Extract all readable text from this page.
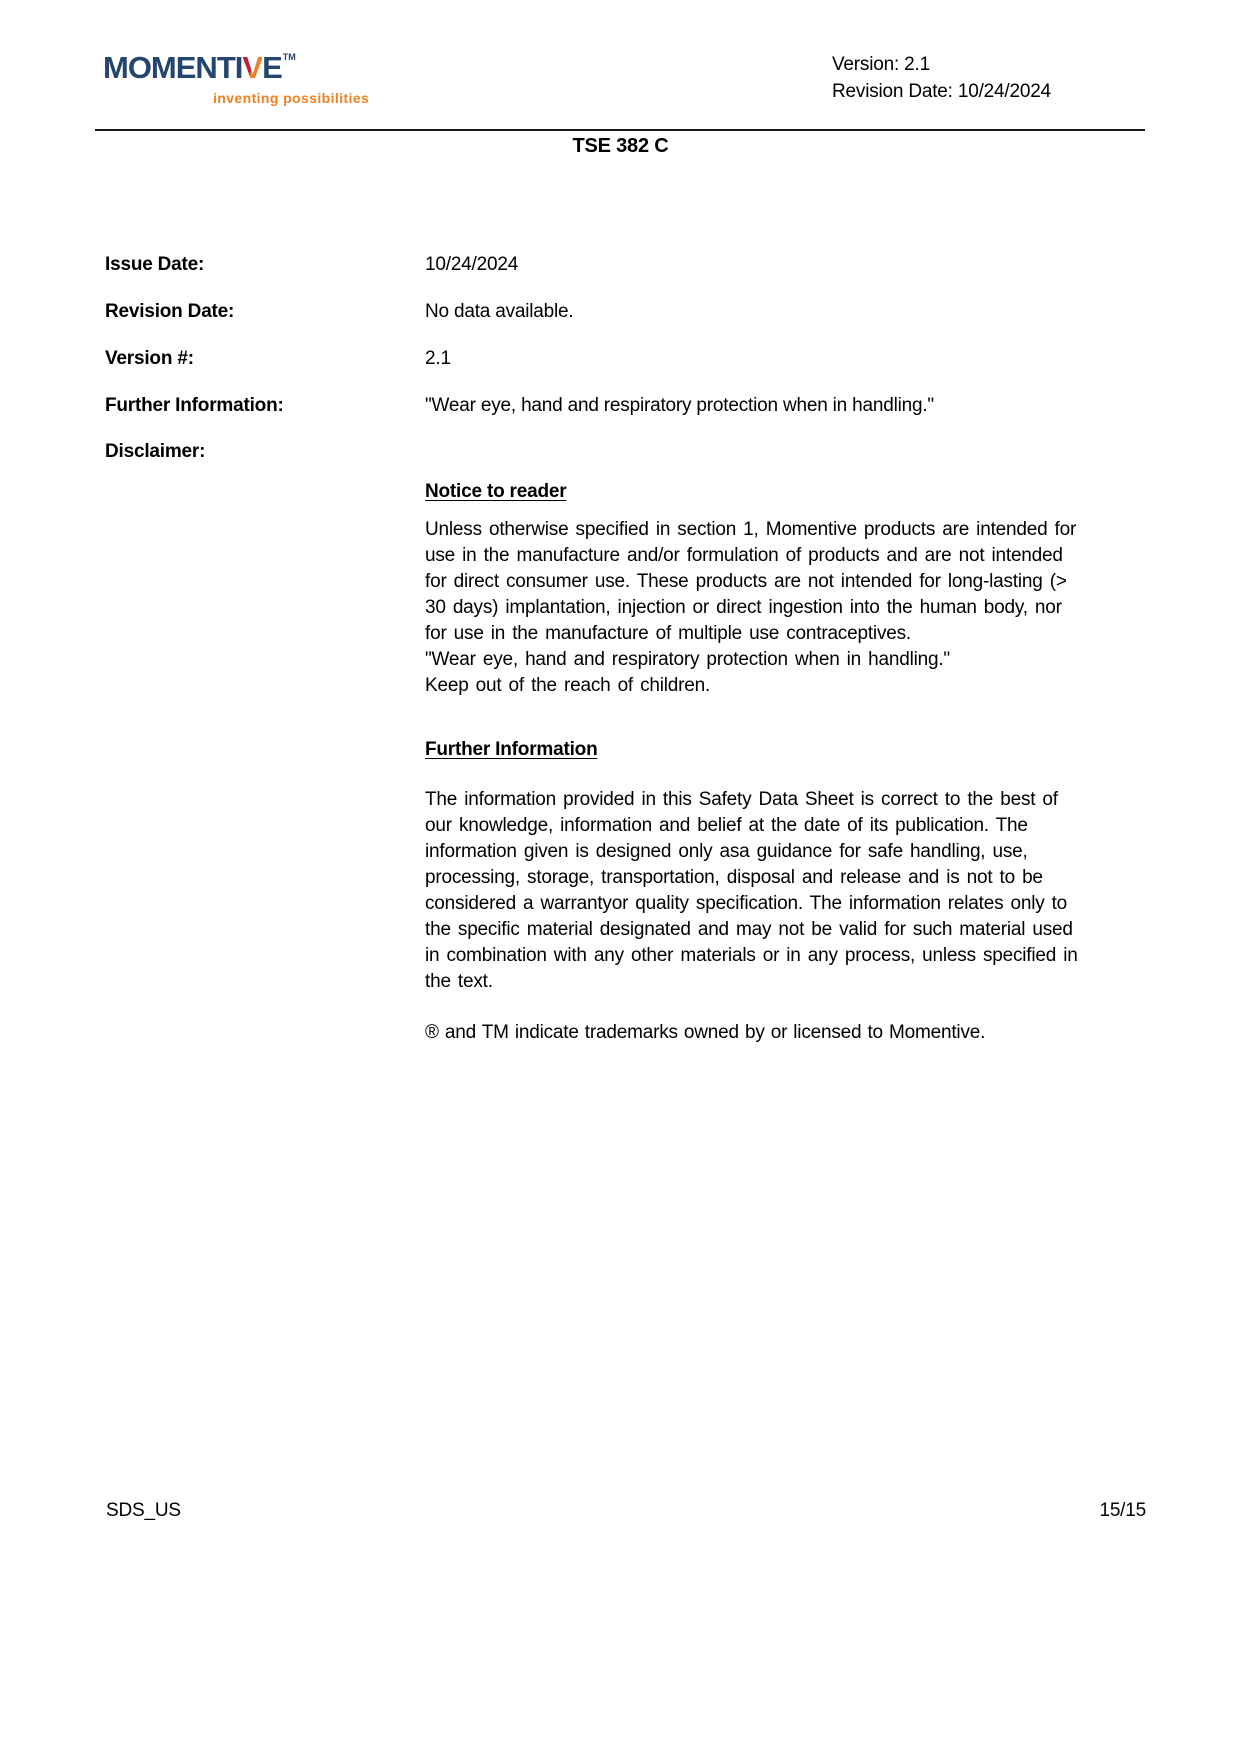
MOMENTIVE™
inventing possibilities
Version: 2.1
Revision Date: 10/24/2024
TSE 382 C
Issue Date:	10/24/2024
Revision Date:	No data available.
Version #:	2.1
Further Information:	"Wear eye, hand and respiratory protection when in handling."
Disclaimer:
Notice to reader
Unless otherwise specified in section 1, Momentive products are intended for
use in the manufacture and/or formulation of products and are not intended
for direct consumer use. These products are not intended for long-lasting (>
30 days) implantation, injection or direct ingestion into the human body, nor
for use in the manufacture of multiple use contraceptives.
"Wear eye, hand and respiratory protection when in handling."
Keep out of the reach of children.
Further Information
The information provided in this Safety Data Sheet is correct to the best of
our knowledge, information and belief at the date of its publication. The
information given is designed only asa guidance for safe handling, use,
processing, storage, transportation, disposal and release and is not to be
considered a warrantyor quality specification. The information relates only to
the specific material designated and may not be valid for such material used
in combination with any other materials or in any process, unless specified in
the text.
® and TM indicate trademarks owned by or licensed to Momentive.
SDS_US	15/15
